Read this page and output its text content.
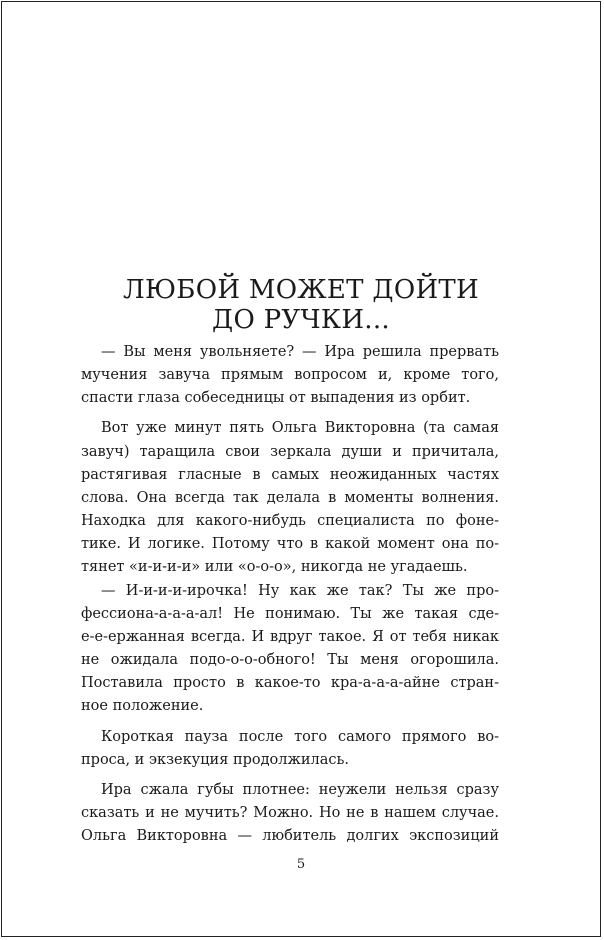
ЛЮБОЙ МОЖЕТ ДОЙТИ
ДО РУЧКИ...
— Вы меня увольняете? — Ира решила прервать
мучения завуча прямым вопросом и, кроме того,
спасти глаза собеседницы от выпадения из орбит.
Вот уже минут пять Ольга Викторовна (та самая
завуч) таращила свои зеркала души и причитала,
растягивая гласные в самых неожиданных частях
слова. Она всегда так делала в моменты волнения.
Находка для какого-нибудь специалиста по фоне-
тике. И логике. Потому что в какой момент она по-
тянет «и-и-и-и» или «о-о-о», никогда не угадаешь.
— И-и-и-и-ирочка! Ну как же так? Ты же про-
фессиона-а-а-а-ал! Не понимаю. Ты же такая сде-
е-е-ержанная всегда. И вдруг такое. Я от тебя никак
не ожидала подо-о-о-обного! Ты меня огорошила.
Поставила просто в какое-то кра-а-а-а-айне стран-
ное положение.
Короткая пауза после того самого прямого во-
проса, и экзекуция продолжилась.
Ира сжала губы плотнее: неужели нельзя сразу
сказать и не мучить? Можно. Но не в нашем случае.
Ольга Викторовна — любитель долгих экспозиций
5
